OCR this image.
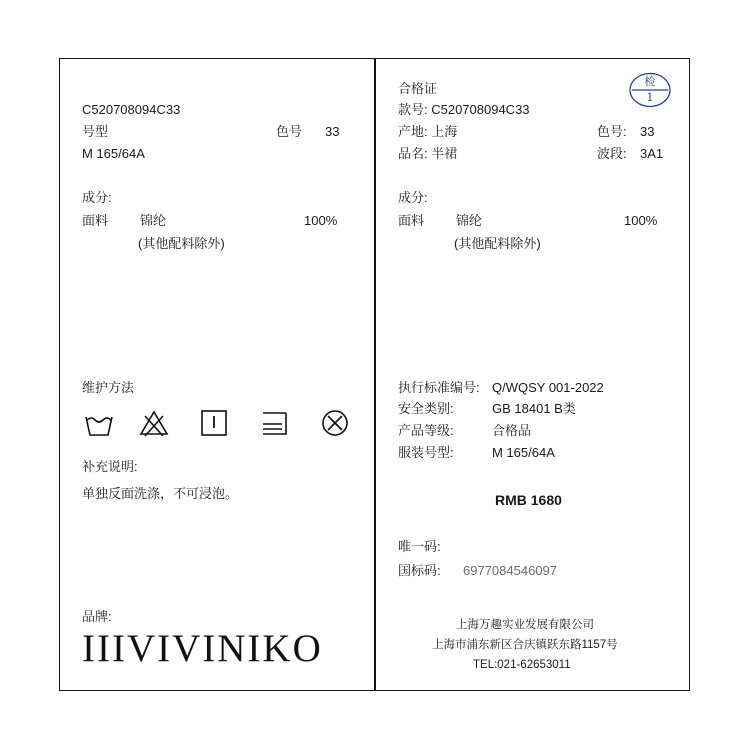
C520708094C33
号型	色号 33
M 165/64A
成分:
面料 锦纶	100%
(其他配料除外)
维护方法
补充说明:
单独反面洗涤，不可浸泡。
品牌:
IIIVIVINIKO
合格证	检
1
款号: C520708094C33
产地: 上海	色号: 33
品名: 半裙	波段: 3A1
成分:
面料 锦纶	100%
(其他配料除外)
执行标准编号: Q/WQSY 001-2022
安全类别:	GB 18401 B类
产品等级:	合格品
服装号型:	M 165/64A
RMB 1680
唯一码:
国标码: 6977084546097
上海万趣实业发展有限公司
上海市浦东新区合庆镇跃东路1157号
TEL:021-62653011
